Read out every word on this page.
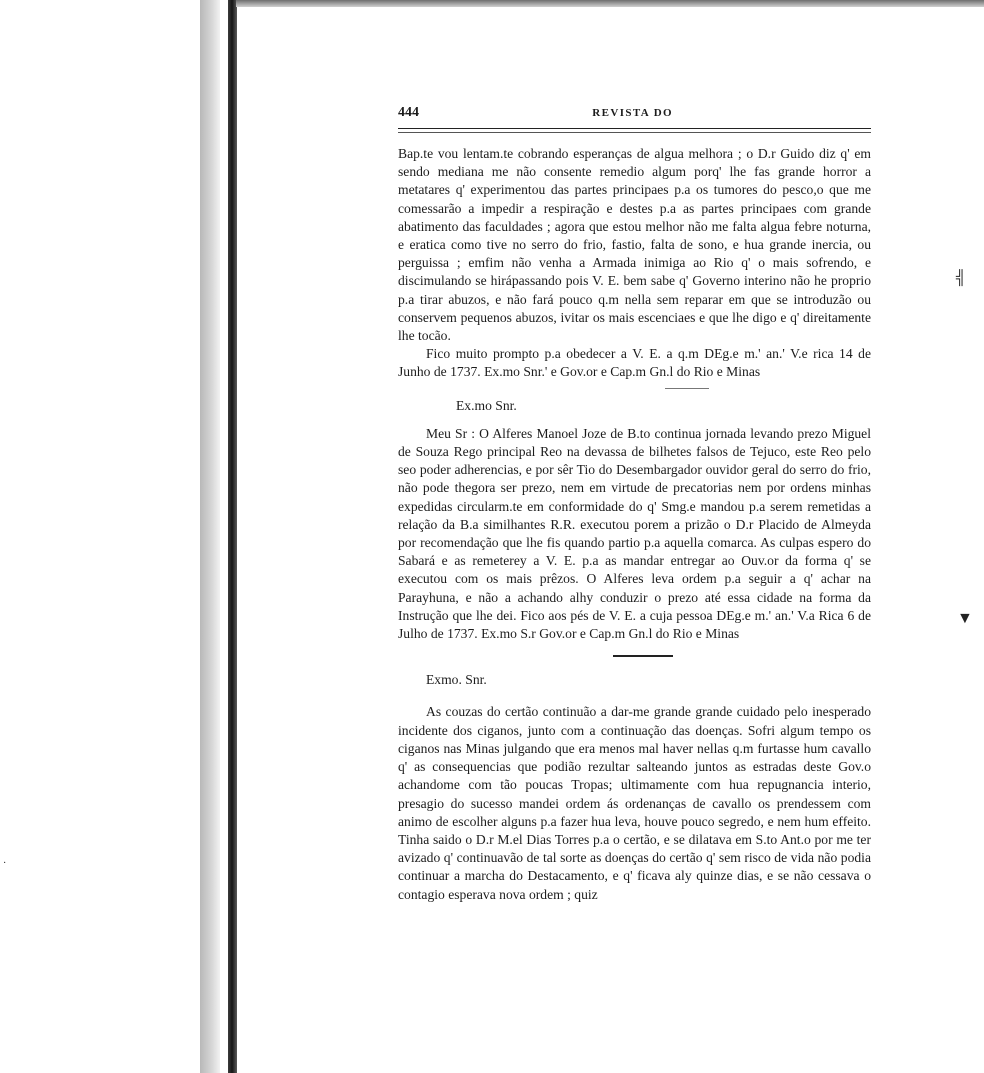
╣
▼
·
444	REVISTA DO

Bap.te vou lentam.te cobrando esperanças de algua melhora ; o D.r Guido diz q' em sendo mediana me não consente remedio algum porq' lhe fas grande horror a metatares q' experimentou das partes principaes p.a os tumores do pesco,o que me comessarão a impedir a respiração e destes p.a as partes principaes com grande abatimento das faculdades ; agora que estou melhor não me falta algua febre noturna, e eratica como tive no serro do frio, fastio, falta de sono, e hua grande inercia, ou perguissa ; emfim não venha a Armada inimiga ao Rio q' o mais sofrendo, e discimulando se hirápassando pois V. E. bem sabe q' Governo interino não he proprio p.a tirar abuzos, e não fará pouco q.m nella sem reparar em que se introduzão ou conservem pequenos abuzos, ivitar os mais escenciaes e que lhe digo e q' direitamente lhe tocão.

Fico muito prompto p.a obedecer a V. E. a q.m DEg.e m.' an.' V.e rica 14 de Junho de 1737. Ex.mo Snr.' e Gov.or e Cap.m Gn.l do Rio e Minas

Ex.mo Snr.

Meu Sr : O Alferes Manoel Joze de B.to continua jornada levando prezo Miguel de Souza Rego principal Reo na devassa de bilhetes falsos de Tejuco, este Reo pelo seo poder adherencias, e por sêr Tio do Desembargador ouvidor geral do serro do frio, não pode thegora ser prezo, nem em virtude de precatorias nem por ordens minhas expedidas circularm.te em conformidade do q' Smg.e mandou p.a serem remetidas a relação da B.a similhantes R.R. executou porem a prizão o D.r Placido de Almeyda por recomendação que lhe fis quando partio p.a aquella comarca. As culpas espero do Sabará e as remeterey a V. E. p.a as mandar entregar ao Ouv.or da forma q' se executou com os mais prêzos. O Alferes leva ordem p.a seguir a q' achar na Parayhuna, e não a achando alhy conduzir o prezo até essa cidade na forma da Instrução que lhe dei. Fico aos pés de V. E. a cuja pessoa DEg.e m.' an.' V.a Rica 6 de Julho de 1737. Ex.mo S.r Gov.or e Cap.m Gn.l do Rio e Minas

Exmo. Snr.

As couzas do certão continuão a dar-me grande grande cuidado pelo inesperado incidente dos ciganos, junto com a continuação das doenças. Sofri algum tempo os ciganos nas Minas julgando que era menos mal haver nellas q.m furtasse hum cavallo q' as consequencias que podião rezultar salteando juntos as estradas deste Gov.o achandome com tão poucas Tropas; ultimamente com hua repugnancia interio, presagio do sucesso mandei ordem ás ordenanças de cavallo os prendessem com animo de escolher alguns p.a fazer hua leva, houve pouco segredo, e nem hum effeito. Tinha saido o D.r M.el Dias Torres p.a o certão, e se dilatava em S.to Ant.o por me ter avizado q' continuavão de tal sorte as doenças do certão q' sem risco de vida não podia continuar a marcha do Destacamento, e q' ficava aly quinze dias, e se não cessava o contagio esperava nova ordem ; quiz
